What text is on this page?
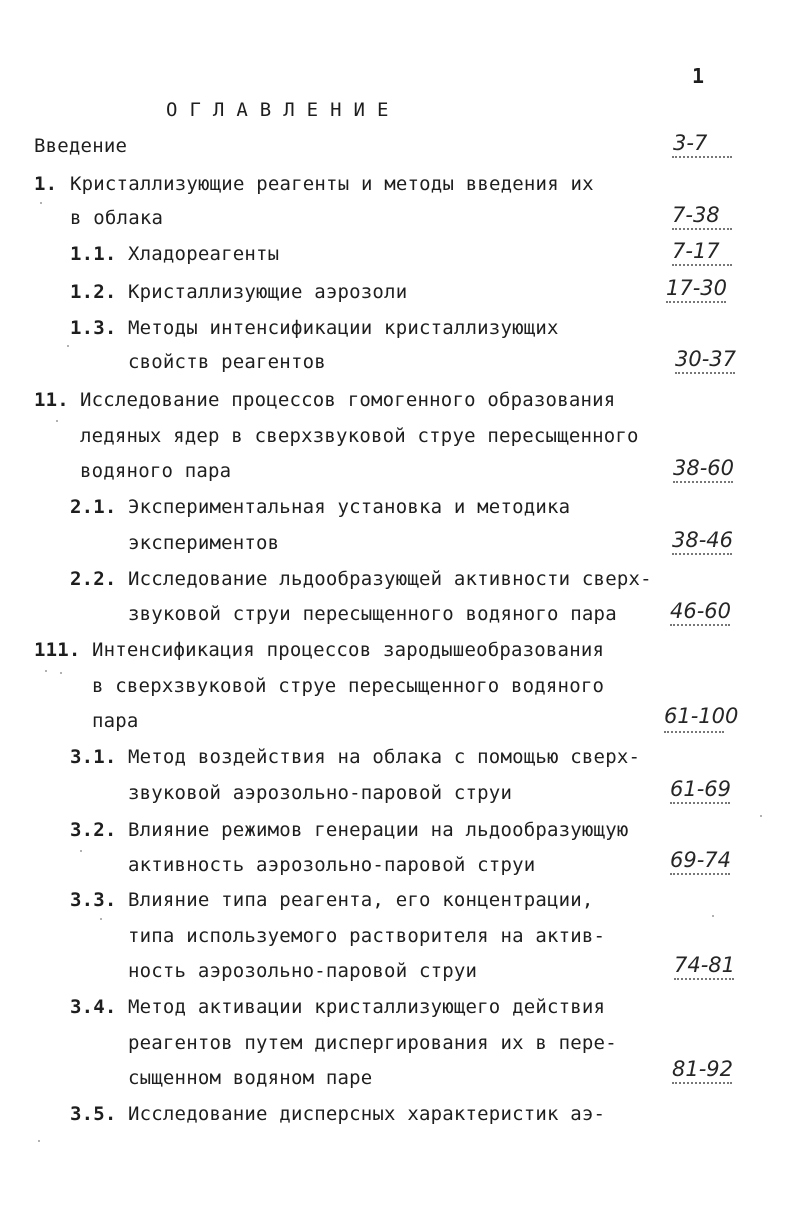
1
ОГЛАВЛЕНИЕ
Введение	3-7
1. Кристаллизующие реагенты и методы введения их
в облака	7-38
1.1. Хладореагенты	7-17
1.2. Кристаллизующие аэрозоли	17-30
1.3. Методы интенсификации кристаллизующих
свойств реагентов	30-37
11. Исследование процессов гомогенного образования
ледяных ядер в сверхзвуковой струе пересыщенного
водяного пара	38-60
2.1. Экспериментальная установка и методика
экспериментов	38-46
2.2. Исследование льдообразующей активности сверх-
звуковой струи пересыщенного водяного пара	46-60
111. Интенсификация процессов зародышеобразования
в сверхзвуковой струе пересыщенного водяного
пара	61-100
3.1. Метод воздействия на облака с помощью сверх-
звуковой аэрозольно-паровой струи	61-69
3.2. Влияние режимов генерации на льдообразующую
активность аэрозольно-паровой струи	69-74
3.3. Влияние типа реагента, его концентрации,
типа используемого растворителя на актив-
ность аэрозольно-паровой струи	74-81
3.4. Метод активации кристаллизующего действия
реагентов путем диспергирования их в пере-
сыщенном водяном паре	81-92
3.5. Исследование дисперсных характеристик аэ-
